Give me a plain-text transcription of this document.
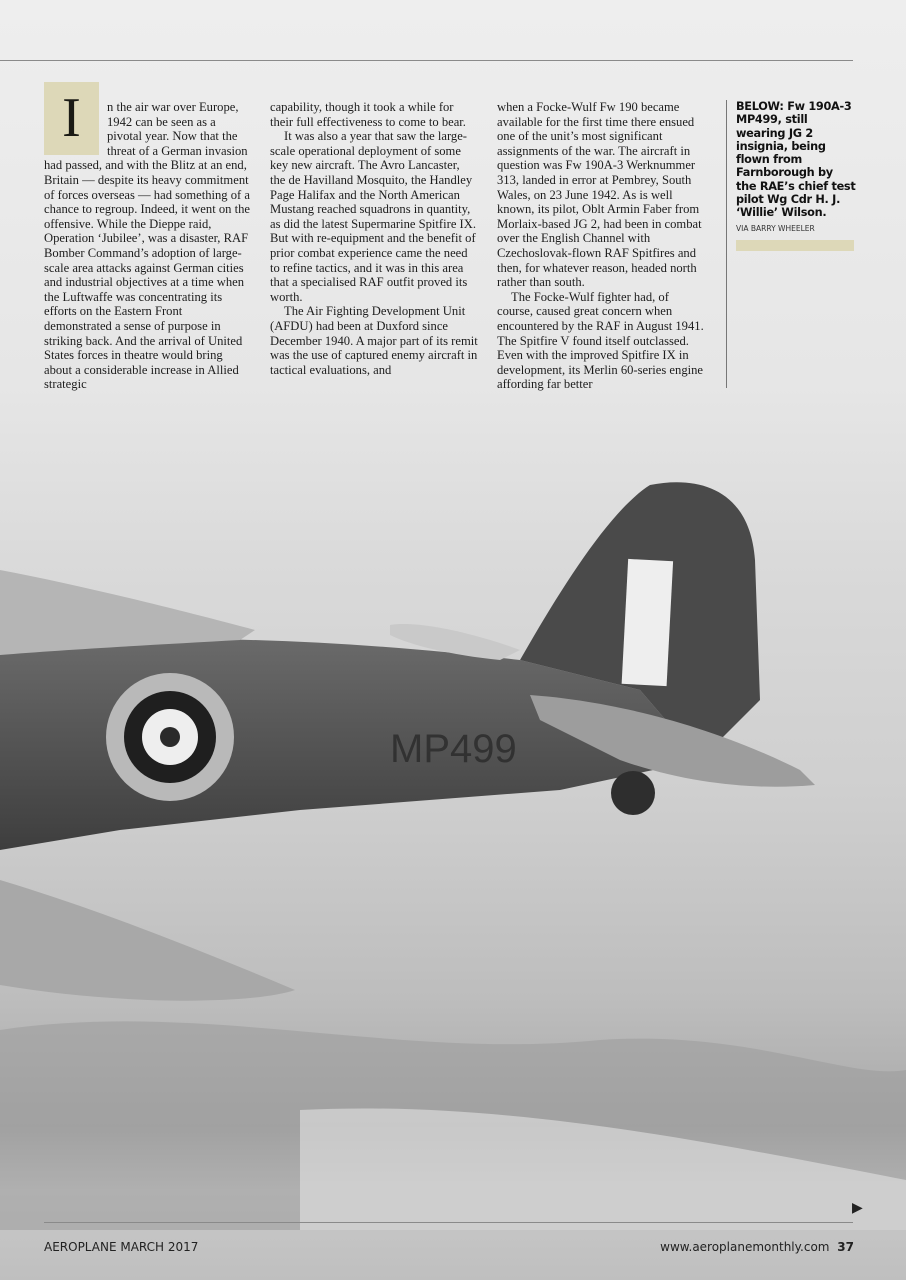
MP499

I	n the air war over Europe, 1942 can be seen as a pivotal year. Now that the threat of a German invasion had passed, and with the Blitz at an end, Britain — despite its heavy commitment of forces overseas — had something of a chance to regroup. Indeed, it went on the offensive. While the Dieppe raid, Operation ‘Jubilee’, was a disaster, RAF Bomber Command’s adoption of large-scale area attacks against German cities and industrial objectives at a time when the Luftwaffe was concentrating its efforts on the Eastern Front demonstrated a sense of purpose in striking back. And the arrival of United States forces in theatre would bring about a considerable increase in Allied strategic

capability, though it took a while for their full effectiveness to come to bear.

It was also a year that saw the large-scale operational deployment of some key new aircraft. The Avro Lancaster, the de Havilland Mosquito, the Handley Page Halifax and the North American Mustang reached squadrons in quantity, as did the latest Supermarine Spitfire IX. But with re-equipment and the benefit of prior combat experience came the need to refine tactics, and it was in this area that a specialised RAF outfit proved its worth.

The Air Fighting Development Unit (AFDU) had been at Duxford since December 1940. A major part of its remit was the use of captured enemy aircraft in tactical evaluations, and

when a Focke-Wulf Fw 190 became available for the first time there ensued one of the unit’s most significant assignments of the war. The aircraft in question was Fw 190A-3 Werknummer 313, landed in error at Pembrey, South Wales, on 23 June 1942. As is well known, its pilot, Oblt Armin Faber from Morlaix-based JG 2, had been in combat over the English Channel with Czechoslovak-flown RAF Spitfires and then, for whatever reason, headed north rather than south.

The Focke-Wulf fighter had, of course, caused great concern when encountered by the RAF in August 1941. The Spitfire V found itself outclassed. Even with the improved Spitfire IX in development, its Merlin 60-series engine affording far better

BELOW: Fw 190A-3 MP499, still wearing JG 2 insignia, being flown from Farnborough by the RAE’s chief test pilot Wg Cdr H. J. ‘Willie’ Wilson.
VIA BARRY WHEELER
▶
AEROPLANE MARCH 2017	www.aeroplanemonthly.com 37
